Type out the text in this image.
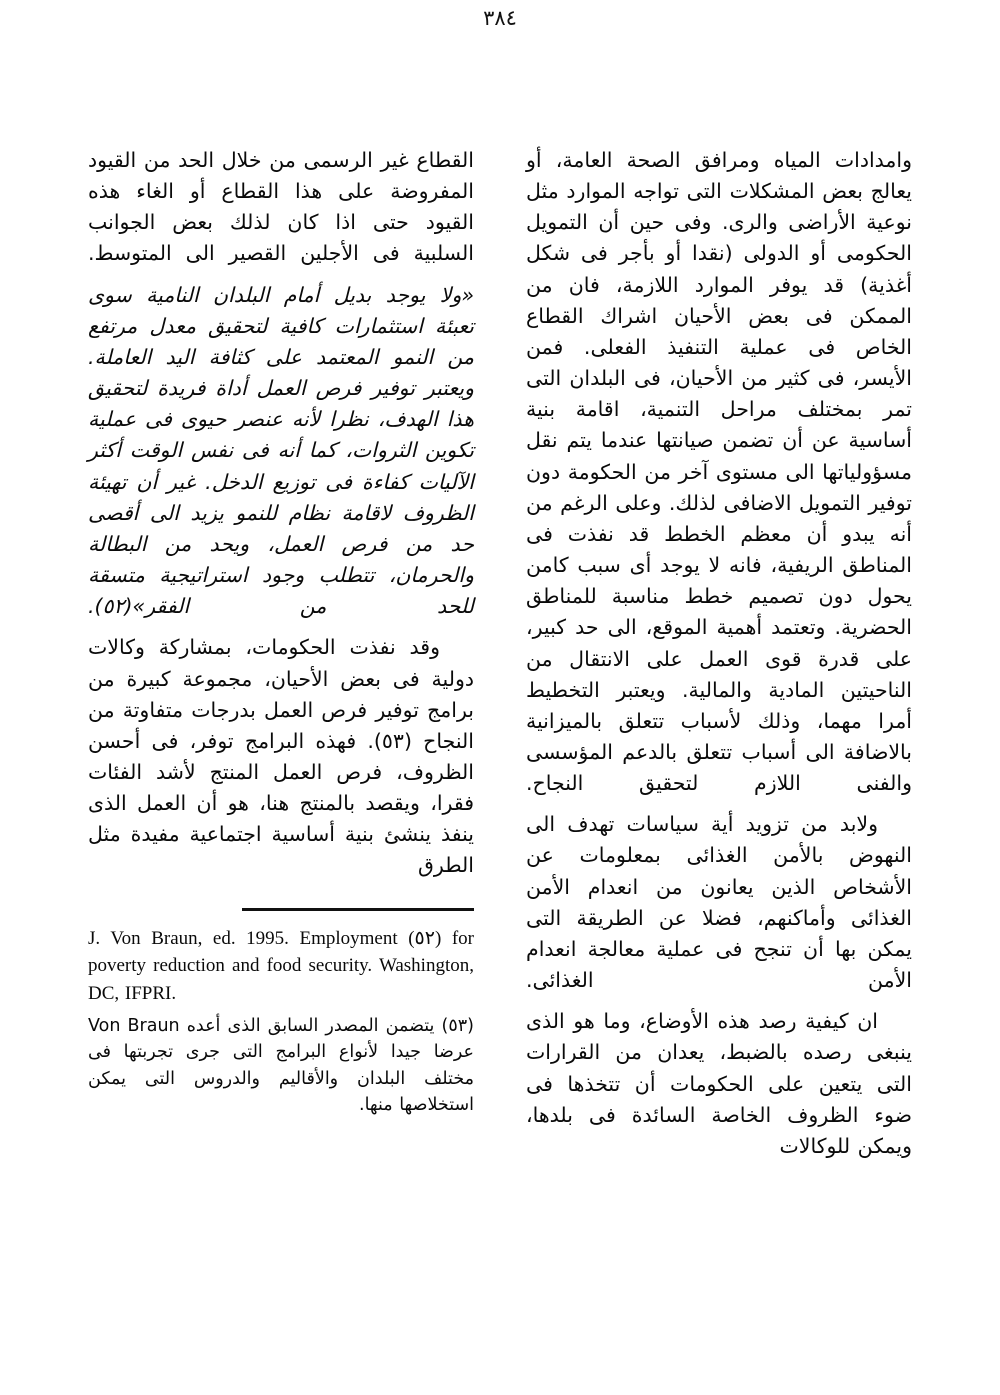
٣٨٤

القطاع غير الرسمى من خلال الحد من القيود المفروضة على هذا القطاع أو الغاء هذه القيود حتى اذا كان لذلك بعض الجوانب السلبية فى الأجلين القصير الى المتوسط.

«ولا يوجد بديل أمام البلدان النامية سوى تعبئة استثمارات كافية لتحقيق معدل مرتفع من النمو المعتمد على كثافة اليد العاملة. ويعتبر توفير فرص العمل أداة فريدة لتحقيق هذا الهدف، نظرا لأنه عنصر حيوى فى عملية تكوين الثروات، كما أنه فى نفس الوقت أكثر الآليات كفاءة فى توزيع الدخل. غير أن تهيئة الظروف لاقامة نظام للنمو يزيد الى أقصى حد من فرص العمل، ويحد من البطالة والحرمان، تتطلب وجود استراتيجية متسقة للحد من الفقر»(٥٢).

وقد نفذت الحكومات، بمشاركة وكالات دولية فى بعض الأحيان، مجموعة كبيرة من برامج توفير فرص العمل بدرجات متفاوتة من النجاح (٥٣). فهذه البرامج توفر، فى أحسن الظروف، فرص العمل المنتج لأشد الفئات فقرا، ويقصد بالمنتج هنا، هو أن العمل الذى ينفذ ينشئ بنية أساسية اجتماعية مفيدة مثل الطرق

J. Von Braun, ed. 1995. Employment (٥٢) for poverty reduction and food security. Washington, DC, IFPRI.

(٥٣) يتضمن المصدر السابق الذى أعده Von Braun عرضا جيدا لأنواع البرامج التى جرى تجربتها فى مختلف البلدان والأقاليم والدروس التى يمكن استخلاصها منها.

وامدادات المياه ومرافق الصحة العامة، أو يعالج بعض المشكلات التى تواجه الموارد مثل نوعية الأراضى والرى. وفى حين أن التمويل الحكومى أو الدولى (نقدا أو بأجر فى شكل أغذية) قد يوفر الموارد اللازمة، فان من الممكن فى بعض الأحيان اشراك القطاع الخاص فى عملية التنفيذ الفعلى. فمن الأيسر، فى كثير من الأحيان، فى البلدان التى تمر بمختلف مراحل التنمية، اقامة بنية أساسية عن أن تضمن صيانتها عندما يتم نقل مسؤولياتها الى مستوى آخر من الحكومة دون توفير التمويل الاضافى لذلك. وعلى الرغم من أنه يبدو أن معظم الخطط قد نفذت فى المناطق الريفية، فانه لا يوجد أى سبب كامن يحول دون تصميم خطط مناسبة للمناطق الحضرية. وتعتمد أهمية الموقع، الى حد كبير، على قدرة قوى العمل على الانتقال من الناحيتين المادية والمالية. ويعتبر التخطيط أمرا مهما، وذلك لأسباب تتعلق بالميزانية بالاضافة الى أسباب تتعلق بالدعم المؤسسى والفنى اللازم لتحقيق النجاح.

ولابد من تزويد أية سياسات تهدف الى النهوض بالأمن الغذائى بمعلومات عن الأشخاص الذين يعانون من انعدام الأمن الغذائى وأماكنهم، فضلا عن الطريقة التى يمكن بها أن تنجح فى عملية معالجة انعدام الأمن الغذائى.

ان كيفية رصد هذه الأوضاع، وما هو الذى ينبغى رصده بالضبط، يعدان من القرارات التى يتعين على الحكومات أن تتخذها فى ضوء الظروف الخاصة السائدة فى بلدها، ويمكن للوكالات
